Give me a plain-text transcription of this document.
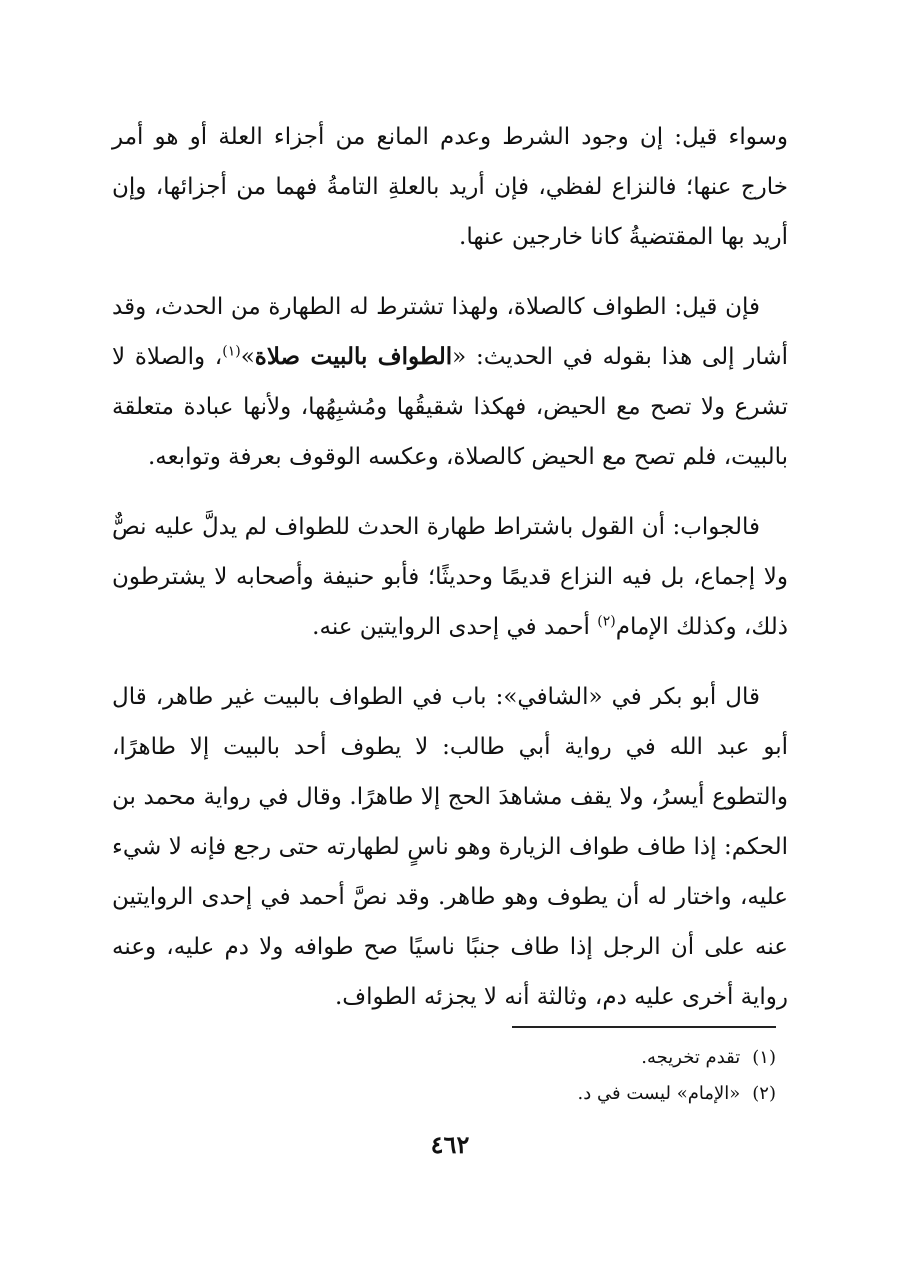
وسواء قيل: إن وجود الشرط وعدم المانع من أجزاء العلة أو هو أمر خارج عنها؛ فالنزاع لفظي، فإن أريد بالعلةِ التامةُ فهما من أجزائها، وإن أريد بها المقتضيةُ كانا خارجين عنها.

فإن قيل: الطواف كالصلاة، ولهذا تشترط له الطهارة من الحدث، وقد أشار إلى هذا بقوله في الحديث: «الطواف بالبيت صلاة»$^{(١)}$، والصلاة لا تشرع ولا تصح مع الحيض، فهكذا شقيقُها ومُشبِهُها، ولأنها عبادة متعلقة بالبيت، فلم تصح مع الحيض كالصلاة، وعكسه الوقوف بعرفة وتوابعه.

فالجواب: أن القول باشتراط طهارة الحدث للطواف لم يدلَّ عليه نصٌّ ولا إجماع، بل فيه النزاع قديمًا وحديثًا؛ فأبو حنيفة وأصحابه لا يشترطون ذلك، وكذلك الإمام$^{(٢)}$ أحمد في إحدى الروايتين عنه.

قال أبو بكر في «الشافي»: باب في الطواف بالبيت غير طاهر، قال أبو عبد الله في رواية أبي طالب: لا يطوف أحد بالبيت إلا طاهرًا، والتطوع أيسرُ، ولا يقف مشاهدَ الحج إلا طاهرًا. وقال في رواية محمد بن الحكم: إذا طاف طواف الزيارة وهو ناسٍ لطهارته حتى رجع فإنه لا شيء عليه، واختار له أن يطوف وهو طاهر. وقد نصَّ أحمد في إحدى الروايتين عنه على أن الرجل إذا طاف جنبًا ناسيًا صح طوافه ولا دم عليه، وعنه رواية أخرى عليه دم، وثالثة أنه لا يجزئه الطواف.

(١)تقدم تخريجه.
(٢)«الإمام» ليست في د.
٤٦٢
